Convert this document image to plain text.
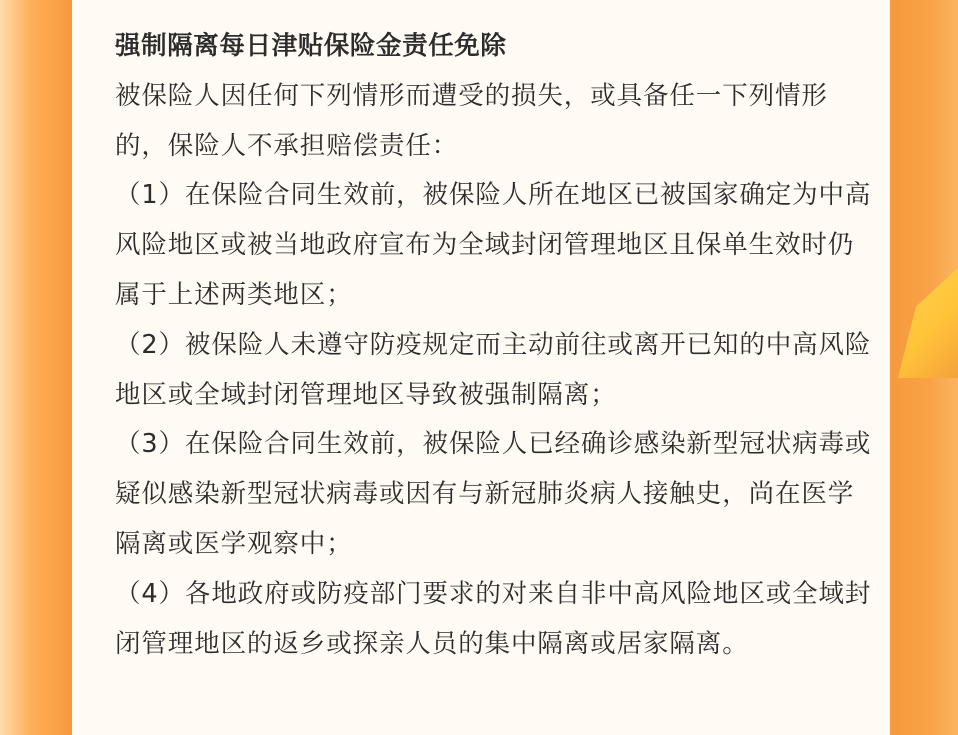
强制隔离每日津贴保险金责任免除

被保险人因任何下列情形而遭受的损失，或具备任一下列情形的，保险人不承担赔偿责任：

（1）在保险合同生效前，被保险人所在地区已被国家确定为中高风险地区或被当地政府宣布为全域封闭管理地区且保单生效时仍属于上述两类地区；

（2）被保险人未遵守防疫规定而主动前往或离开已知的中高风险地区或全域封闭管理地区导致被强制隔离；

（3）在保险合同生效前，被保险人已经确诊感染新型冠状病毒或疑似感染新型冠状病毒或因有与新冠肺炎病人接触史，尚在医学隔离或医学观察中；

（4）各地政府或防疫部门要求的对来自非中高风险地区或全域封闭管理地区的返乡或探亲人员的集中隔离或居家隔离。
